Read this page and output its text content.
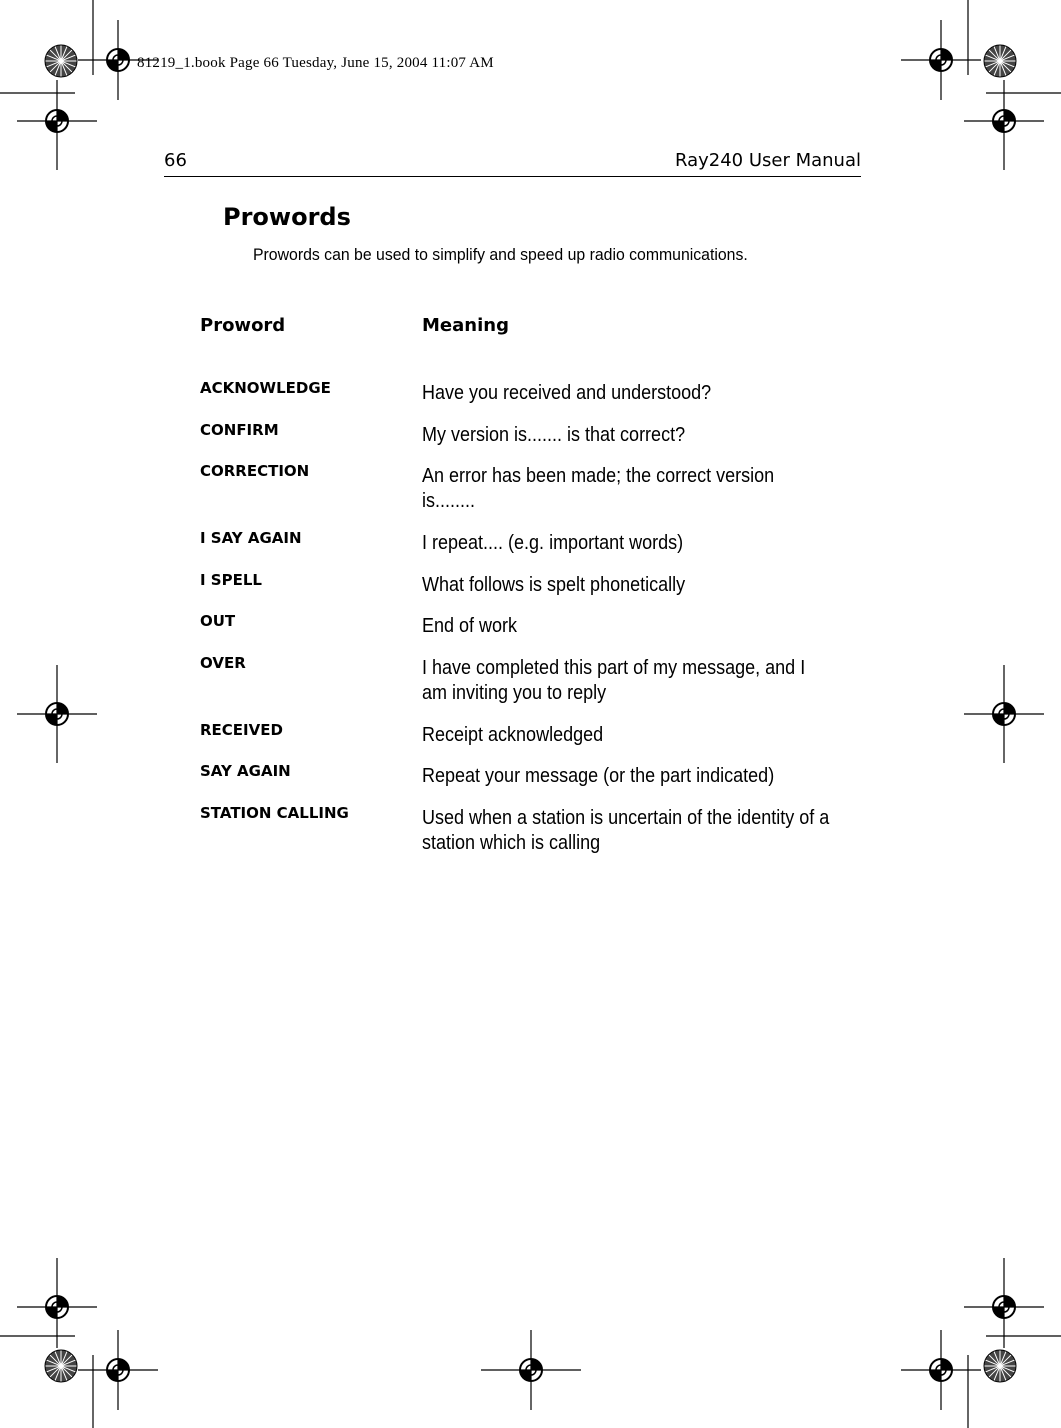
81219_1.book Page 66 Tuesday, June 15, 2004 11:07 AM
66	Ray240 User Manual
Prowords

Prowords can be used to simplify and speed up radio communications.

Proword	Meaning
ACKNOWLEDGE	Have you received and understood?
CONFIRM	My version is....... is that correct?
CORRECTION	An error has been made; the correct version is........
I SAY AGAIN	I repeat.... (e.g. important words)
I SPELL	What follows is spelt phonetically
OUT	End of work
OVER	I have completed this part of my message, and I am inviting you to reply
RECEIVED	Receipt acknowledged
SAY AGAIN	Repeat your message (or the part indicated)
STATION CALLING	Used when a station is uncertain of the identity of a station which is calling
